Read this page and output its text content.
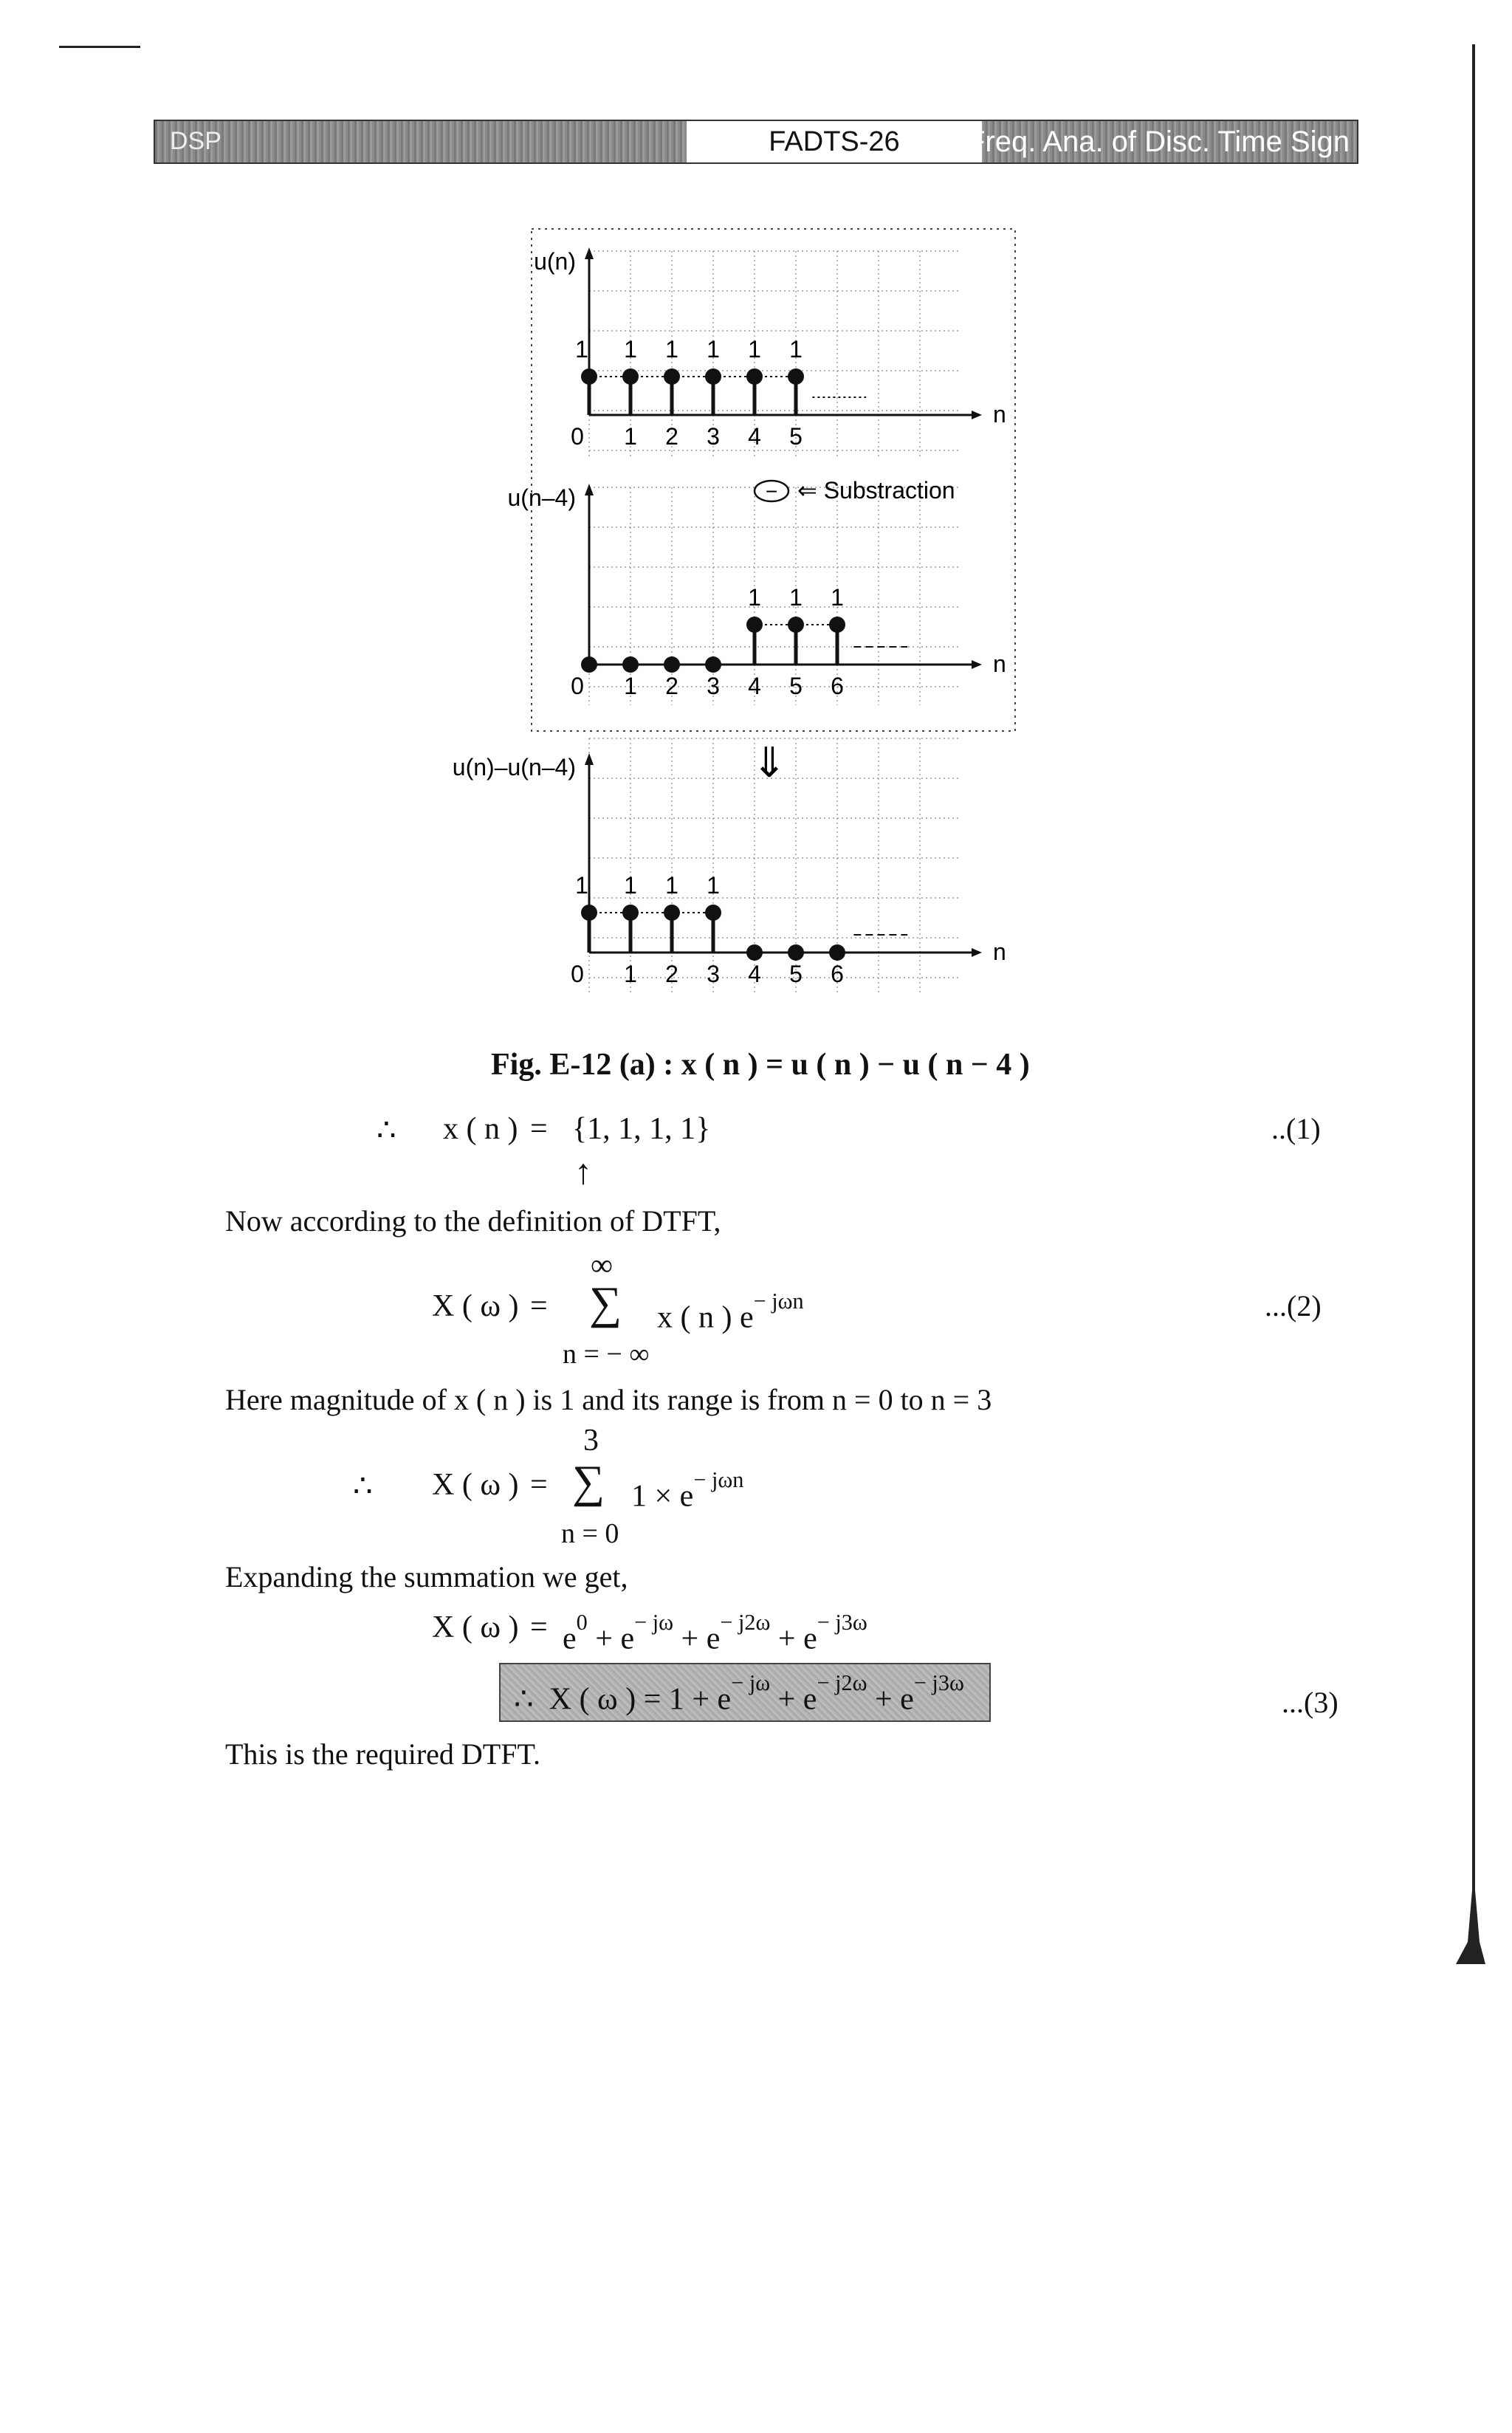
DSP	FADTS-26	Freq. Ana. of Disc. Time Sign
u(n)
n
0 1 2 3 4 5
1 1 1 1 1 1
u(n–4)
n
0 1 2 3 4 5 6
1 1 1
u(n)–u(n–4)
n
0 1 2 3 4 5 6
1 1 1 1
− ⇐ Substraction
⇓
Fig. E-12 (a) : x ( n ) = u ( n ) − u ( n − 4 )
∴ x ( n ) = {1, 1, 1, 1}
↑
..(1)
Now according to the definition of DTFT,
∞
X ( ω ) = ∑ x ( n ) $e^{- j\omega n}$
n = − ∞
...(2)
Here magnitude of x ( n ) is 1 and its range is from n = 0 to n = 3
3
∴ X ( ω ) = ∑ $1 \times e^{- j\omega n}$
n = 0
Expanding the summation we get,
X ( ω ) = $e^0 + e^{- j\omega} + e^{- j2\omega} + e^{- j3\omega}$
∴ X ( ω ) = $1 + e^{- j\omega} + e^{- j2\omega} + e^{- j3\omega}$
...(3)
This is the required DTFT.
